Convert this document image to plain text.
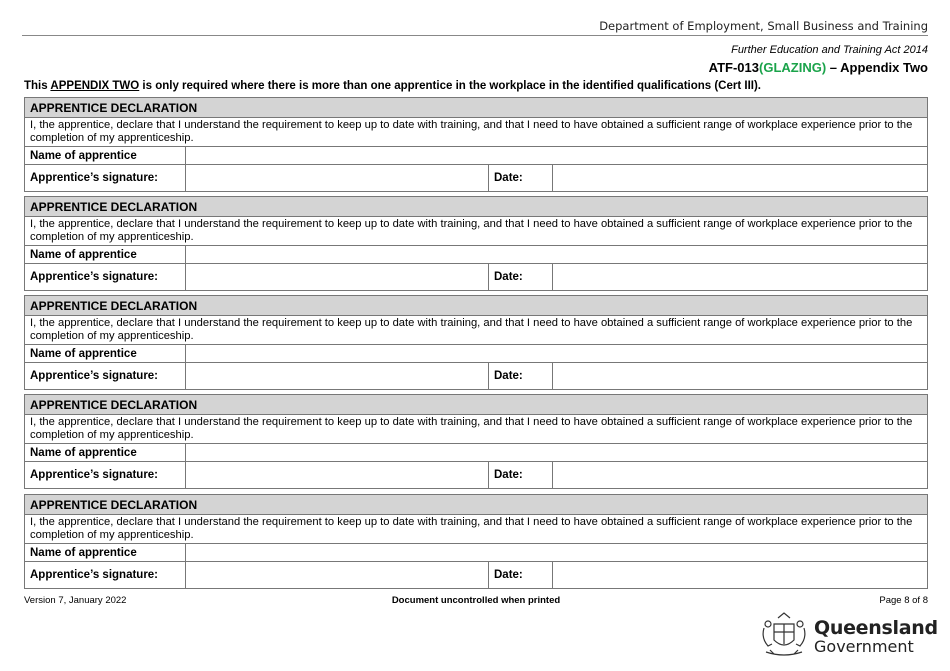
Department of Employment, Small Business and Training
Further Education and Training Act 2014
ATF-013(GLAZING) – Appendix Two
This APPENDIX TWO is only required where there is more than one apprentice in the workplace in the identified qualifications (Cert III).
APPRENTICE DECLARATION			
I, the apprentice, declare that I understand the requirement to keep up to date with training, and that I need to have obtained a sufficient range of workplace experience prior to the completion of my apprenticeship.			
Name of apprentice			
Apprentice’s signature:		Date:	
APPRENTICE DECLARATION			
I, the apprentice, declare that I understand the requirement to keep up to date with training, and that I need to have obtained a sufficient range of workplace experience prior to the completion of my apprenticeship.			
Name of apprentice			
Apprentice’s signature:		Date:	
APPRENTICE DECLARATION			
I, the apprentice, declare that I understand the requirement to keep up to date with training, and that I need to have obtained a sufficient range of workplace experience prior to the completion of my apprenticeship.			
Name of apprentice			
Apprentice’s signature:		Date:	
APPRENTICE DECLARATION			
I, the apprentice, declare that I understand the requirement to keep up to date with training, and that I need to have obtained a sufficient range of workplace experience prior to the completion of my apprenticeship.			
Name of apprentice			
Apprentice’s signature:		Date:	
APPRENTICE DECLARATION			
I, the apprentice, declare that I understand the requirement to keep up to date with training, and that I need to have obtained a sufficient range of workplace experience prior to the completion of my apprenticeship.			
Name of apprentice			
Apprentice’s signature:		Date:	
Version 7, January 2022	Document uncontrolled when printed	Page 8 of 8
Queensland
Government
